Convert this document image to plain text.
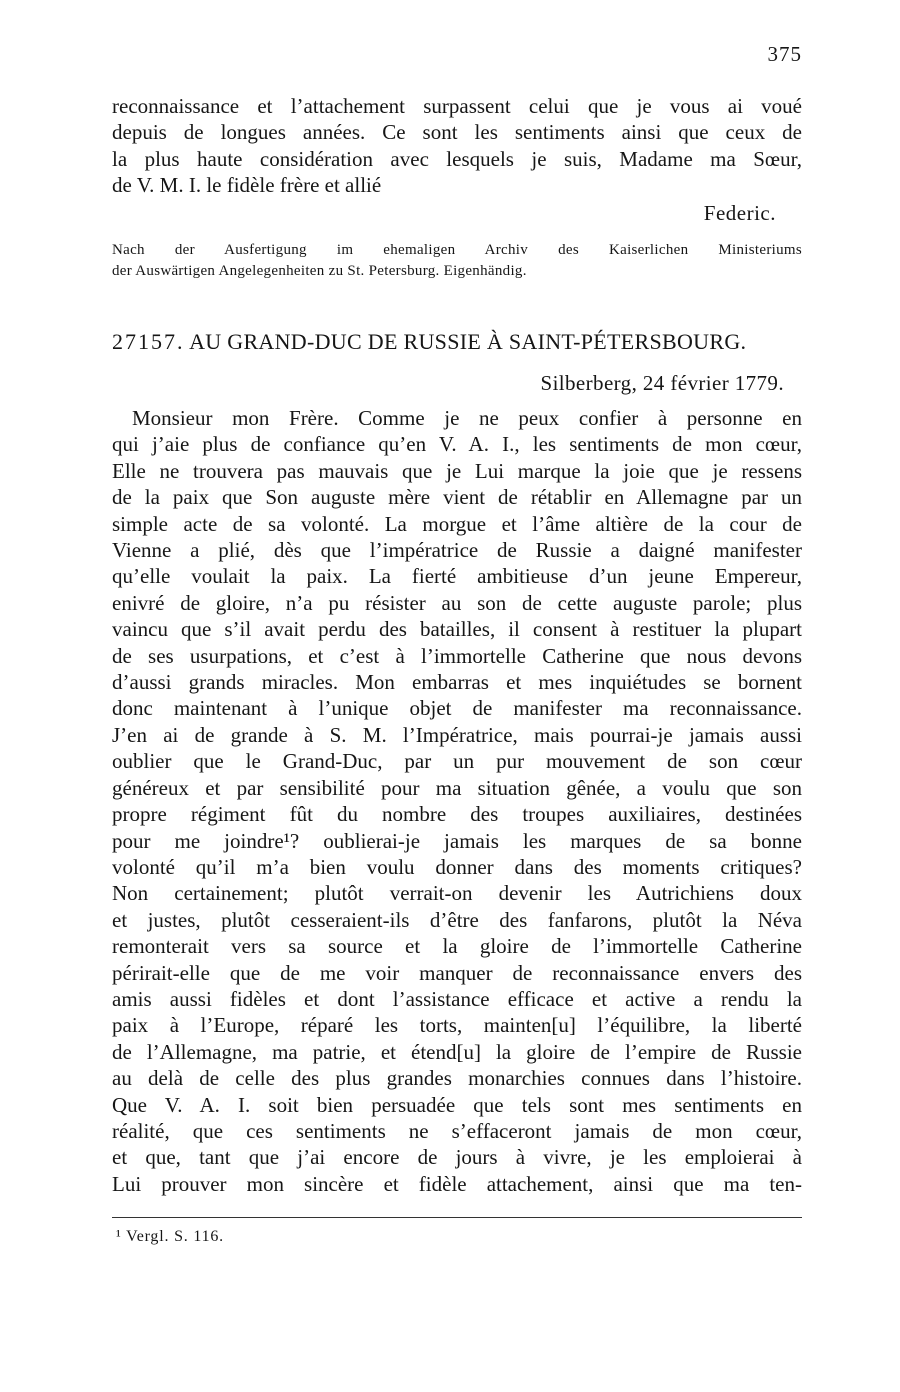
375
reconnaissance et l’attachement surpassent celui que je vous ai voué
depuis de longues années. Ce sont les sentiments ainsi que ceux de
la plus haute considération avec lesquels je suis, Madame ma Sœur,
de V. M. I. le fidèle frère et allié
Federic.
Nach der Ausfertigung im ehemaligen Archiv des Kaiserlichen Ministeriums
der Auswärtigen Angelegenheiten zu St. Petersburg. Eigenhändig.
27157. AU GRAND-DUC DE RUSSIE À SAINT-PÉTERSBOURG.
Silberberg, 24 février 1779.
Monsieur mon Frère. Comme je ne peux confier à personne en
qui j’aie plus de confiance qu’en V. A. I., les sentiments de mon cœur,
Elle ne trouvera pas mauvais que je Lui marque la joie que je ressens
de la paix que Son auguste mère vient de rétablir en Allemagne par un
simple acte de sa volonté. La morgue et l’âme altière de la cour de
Vienne a plié, dès que l’impératrice de Russie a daigné manifester
qu’elle voulait la paix. La fierté ambitieuse d’un jeune Empereur,
enivré de gloire, n’a pu résister au son de cette auguste parole; plus
vaincu que s’il avait perdu des batailles, il consent à restituer la plupart
de ses usurpations, et c’est à l’immortelle Catherine que nous devons
d’aussi grands miracles. Mon embarras et mes inquiétudes se bornent
donc maintenant à l’unique objet de manifester ma reconnaissance.
J’en ai de grande à S. M. l’Impératrice, mais pourrai-je jamais aussi
oublier que le Grand-Duc, par un pur mouvement de son cœur
généreux et par sensibilité pour ma situation gênée, a voulu que son
propre régiment fût du nombre des troupes auxiliaires, destinées
pour me joindre¹? oublierai-je jamais les marques de sa bonne
volonté qu’il m’a bien voulu donner dans des moments critiques?
Non certainement; plutôt verrait-on devenir les Autrichiens doux
et justes, plutôt cesseraient-ils d’être des fanfarons, plutôt la Néva
remonterait vers sa source et la gloire de l’immortelle Catherine
périrait-elle que de me voir manquer de reconnaissance envers des
amis aussi fidèles et dont l’assistance efficace et active a rendu la
paix à l’Europe, réparé les torts, mainten[u] l’équilibre, la liberté
de l’Allemagne, ma patrie, et étend[u] la gloire de l’empire de Russie
au delà de celle des plus grandes monarchies connues dans l’histoire.
Que V. A. I. soit bien persuadée que tels sont mes sentiments en
réalité, que ces sentiments ne s’effaceront jamais de mon cœur,
et que, tant que j’ai encore de jours à vivre, je les emploierai à
Lui prouver mon sincère et fidèle attachement, ainsi que ma ten-
¹ Vergl. S. 116.
